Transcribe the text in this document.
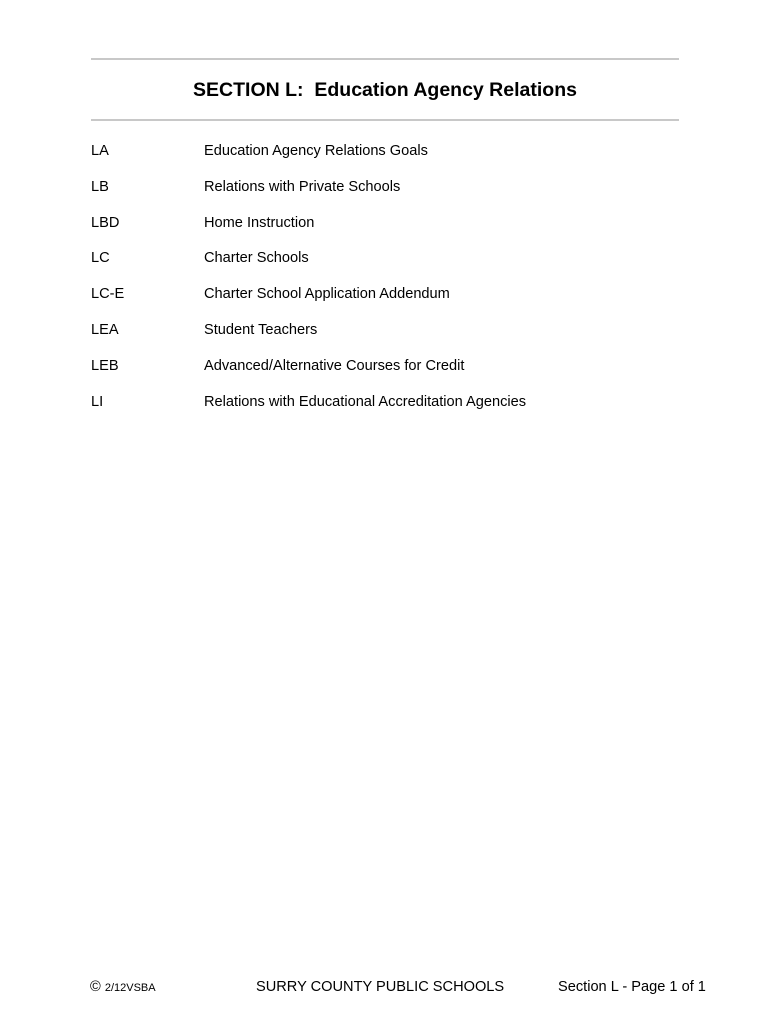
SECTION L:  Education Agency Relations
LA	Education Agency Relations Goals
LB	Relations with Private Schools
LBD	Home Instruction
LC	Charter Schools
LC-E	Charter School Application Addendum
LEA	Student Teachers
LEB	Advanced/Alternative Courses for Credit
LI	Relations with Educational Accreditation Agencies
© 2/12VSBA	SURRY COUNTY PUBLIC SCHOOLS	Section L - Page 1 of 1
